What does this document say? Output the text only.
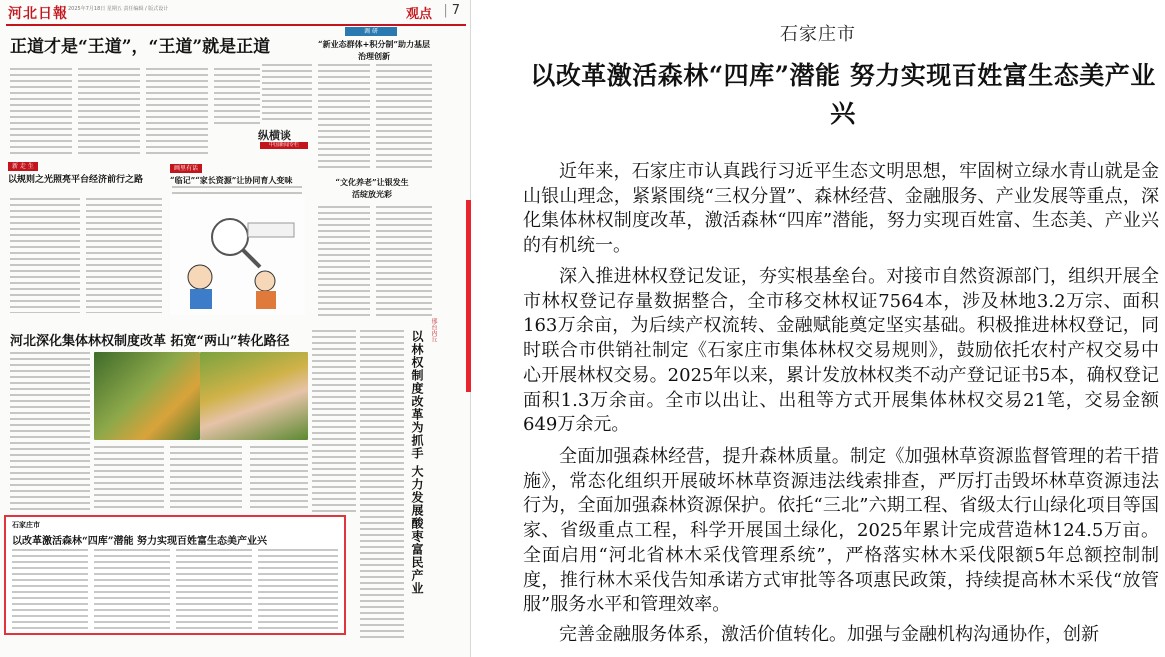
河北日報 2025年7月18日 星期五 责任编辑 / 版式设计	观点
|	7
正道才是“王道”，“王道”就是正道
调 研
“新业态群体+积分制”助力基层治理创新
纵横谈
中国新闻专栏
新 走 生
以规则之光照亮平台经济前行之路
画里有话
“临记”“家长资源”让协同育人变味	“文化养老”让银发生活绽放光彩
河北深化集体林权制度改革 拓宽“两山”转化路径	邢台内丘
以林权制度改革为抓手 大力发展酸枣富民产业
石家庄市
以改革激活森林“四库”潜能 努力实现百姓富生态美产业兴
石家庄市
以改革激活森林“四库”潜能 努力实现百姓富生态美产业兴

近年来，石家庄市认真践行习近平生态文明思想，牢固树立绿水青山就是金山银山理念，紧紧围绕“三权分置”、森林经营、金融服务、产业发展等重点，深化集体林权制度改革，激活森林“四库”潜能，努力实现百姓富、生态美、产业兴的有机统一。

深入推进林权登记发证，夯实根基垒台。对接市自然资源部门，组织开展全市林权登记存量数据整合，全市移交林权证7564本，涉及林地3.2万宗、面积163万余亩，为后续产权流转、金融赋能奠定坚实基础。积极推进林权登记，同时联合市供销社制定《石家庄市集体林权交易规则》，鼓励依托农村产权交易中心开展林权交易。2025年以来，累计发放林权类不动产登记证书5本，确权登记面积1.3万余亩。全市以出让、出租等方式开展集体林权交易21笔，交易金额649万余元。

全面加强森林经营，提升森林质量。制定《加强林草资源监督管理的若干措施》，常态化组织开展破坏林草资源违法线索排查，严厉打击毁坏林草资源违法行为，全面加强森林资源保护。依托“三北”六期工程、省级太行山绿化项目等国家、省级重点工程，科学开展国土绿化，2025年累计完成营造林124.5万亩。全面启用“河北省林木采伐管理系统”，严格落实林木采伐限额5年总额控制制度，推行林木采伐告知承诺方式审批等各项惠民政策，持续提高林木采伐“放管服”服务水平和管理效率。

完善金融服务体系，激活价值转化。加强与金融机构沟通协作，创新
